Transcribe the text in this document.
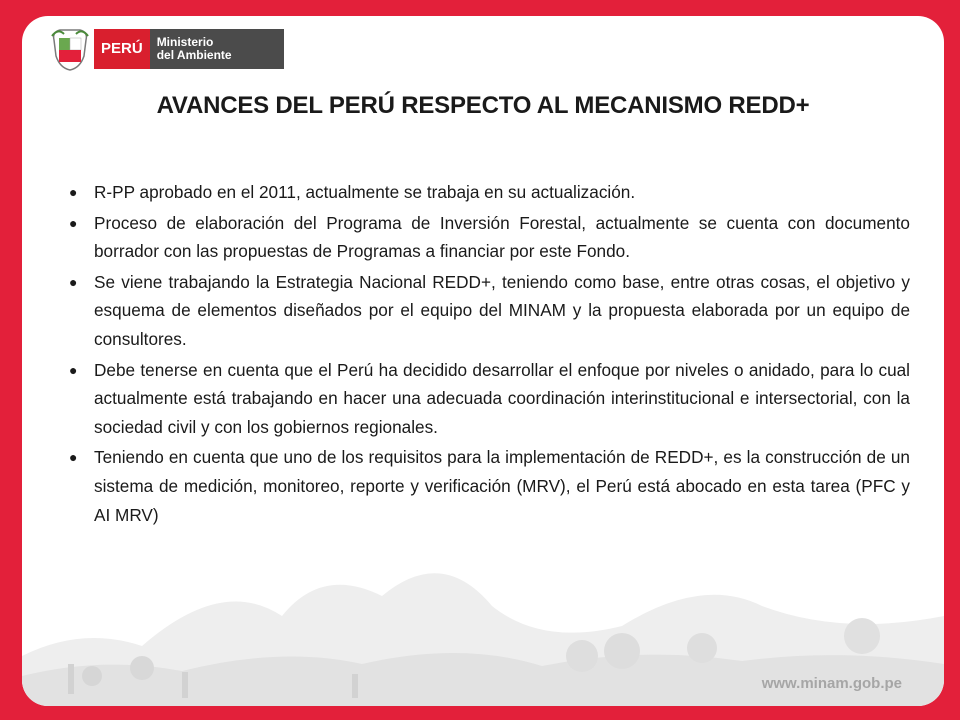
PERÚ	Ministerio
del Ambiente
AVANCES DEL PERÚ RESPECTO AL MECANISMO REDD+
● R-PP aprobado en el 2011, actualmente se trabaja en su actualización.
● Proceso de elaboración del Programa de Inversión Forestal, actualmente se cuenta con documento borrador con las propuestas de Programas a financiar por este Fondo.
● Se viene trabajando la Estrategia Nacional REDD+, teniendo como base, entre otras cosas, el objetivo y esquema de elementos diseñados por el equipo del MINAM y la propuesta elaborada por un equipo de consultores.
● Debe tenerse en cuenta que el Perú ha decidido desarrollar el enfoque por niveles o anidado, para lo cual actualmente está trabajando en hacer una adecuada coordinación interinstitucional e intersectorial, con la sociedad civil y con los gobiernos regionales.
● Teniendo en cuenta que uno de los requisitos para la implementación de REDD+, es la construcción de un sistema de medición, monitoreo, reporte y verificación (MRV), el Perú está abocado en esta tarea (PFC y AI MRV)
www.minam.gob.pe
